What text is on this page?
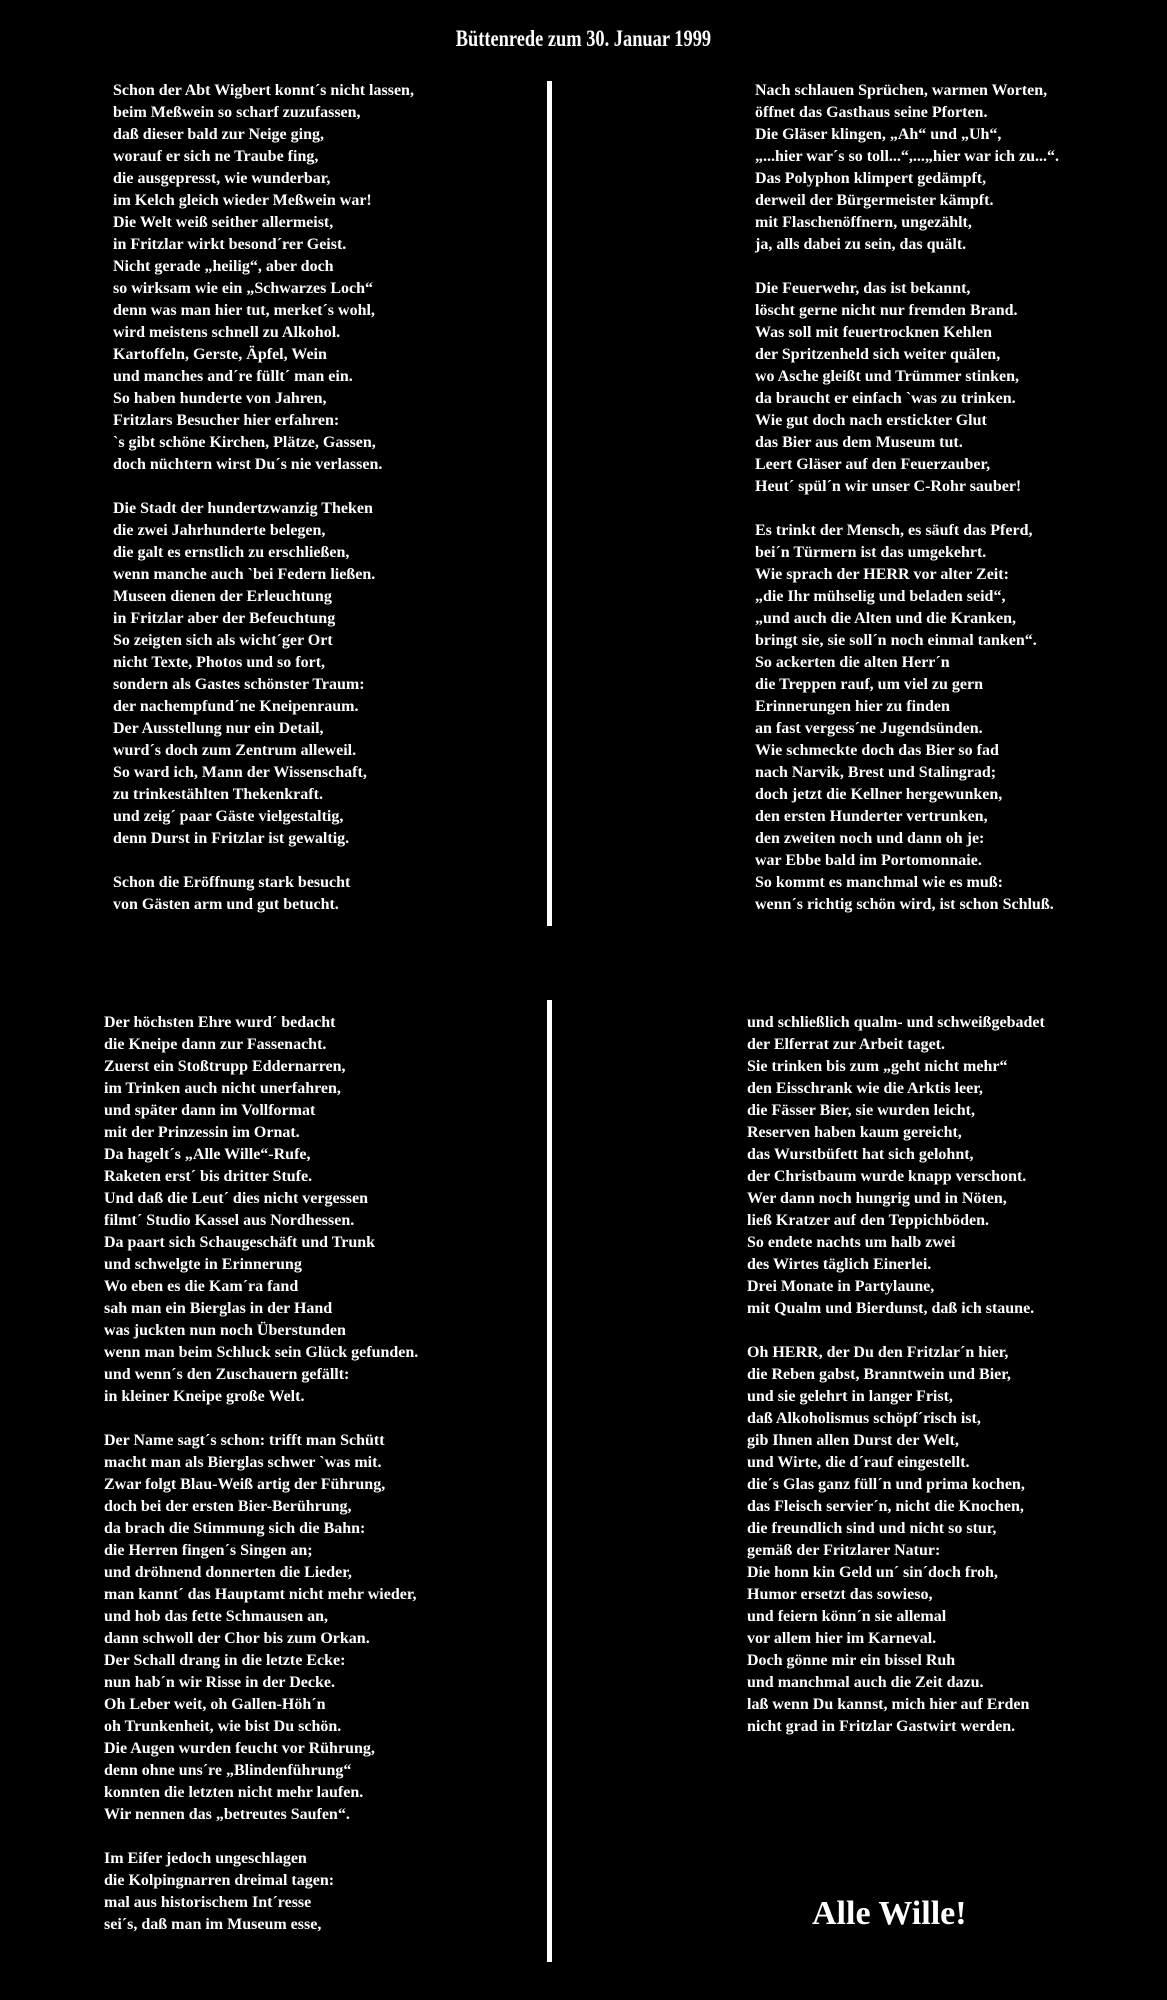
Büttenrede zum 30. Januar 1999
Schon der Abt Wigbert konnt´s nicht lassen,
beim Meßwein so scharf zuzufassen,
daß dieser bald zur Neige ging,
worauf er sich ne Traube fing,
die ausgepresst, wie wunderbar,
im Kelch gleich wieder Meßwein war!
Die Welt weiß seither allermeist,
in Fritzlar wirkt besond´rer Geist.
Nicht gerade „heilig“, aber doch
so wirksam wie ein „Schwarzes Loch“
denn was man hier tut, merket´s wohl,
wird meistens schnell zu Alkohol.
Kartoffeln, Gerste, Äpfel, Wein
und manches and´re füllt´ man ein.
So haben hunderte von Jahren,
Fritzlars Besucher hier erfahren:
`s gibt schöne Kirchen, Plätze, Gassen,
doch nüchtern wirst Du´s nie verlassen.
Die Stadt der hundertzwanzig Theken
die zwei Jahrhunderte belegen,
die galt es ernstlich zu erschließen,
wenn manche auch `bei Federn ließen.
Museen dienen der Erleuchtung
in Fritzlar aber der Befeuchtung
So zeigten sich als wicht´ger Ort
nicht Texte, Photos und so fort,
sondern als Gastes schönster Traum:
der nachempfund´ne Kneipenraum.
Der Ausstellung nur ein Detail,
wurd´s doch zum Zentrum alleweil.
So ward ich, Mann der Wissenschaft,
zu trinkestählten Thekenkraft.
und zeig´ paar Gäste vielgestaltig,
denn Durst in Fritzlar ist gewaltig.
Schon die Eröffnung stark besucht
von Gästen arm und gut betucht.
Nach schlauen Sprüchen, warmen Worten,
öffnet das Gasthaus seine Pforten.
Die Gläser klingen, „Ah“ und „Uh“,
„...hier war´s so toll...“,...„hier war ich zu...“.
Das Polyphon klimpert gedämpft,
derweil der Bürgermeister kämpft.
mit Flaschenöffnern, ungezählt,
ja, alls dabei zu sein, das quält.
Die Feuerwehr, das ist bekannt,
löscht gerne nicht nur fremden Brand.
Was soll mit feuertrocknen Kehlen
der Spritzenheld sich weiter quälen,
wo Asche gleißt und Trümmer stinken,
da braucht er einfach `was zu trinken.
Wie gut doch nach erstickter Glut
das Bier aus dem Museum tut.
Leert Gläser auf den Feuerzauber,
Heut´ spül´n wir unser C-Rohr sauber!
Es trinkt der Mensch, es säuft das Pferd,
bei´n Türmern ist das umgekehrt.
Wie sprach der HERR vor alter Zeit:
„die Ihr mühselig und beladen seid“,
„und auch die Alten und die Kranken,
bringt sie, sie soll´n noch einmal tanken“.
So ackerten die alten Herr´n
die Treppen rauf, um viel zu gern
Erinnerungen hier zu finden
an fast vergess´ne Jugendsünden.
Wie schmeckte doch das Bier so fad
nach Narvik, Brest und Stalingrad;
doch jetzt die Kellner hergewunken,
den ersten Hunderter vertrunken,
den zweiten noch und dann oh je:
war Ebbe bald im Portomonnaie.
So kommt es manchmal wie es muß:
wenn´s richtig schön wird, ist schon Schluß.
Der höchsten Ehre wurd´ bedacht
die Kneipe dann zur Fassenacht.
Zuerst ein Stoßtrupp Eddernarren,
im Trinken auch nicht unerfahren,
und später dann im Vollformat
mit der Prinzessin im Ornat.
Da hagelt´s „Alle Wille“-Rufe,
Raketen erst´ bis dritter Stufe.
Und daß die Leut´ dies nicht vergessen
filmt´ Studio Kassel aus Nordhessen.
Da paart sich Schaugeschäft und Trunk
und schwelgte in Erinnerung
Wo eben es die Kam´ra fand
sah man ein Bierglas in der Hand
was juckten nun noch Überstunden
wenn man beim Schluck sein Glück gefunden.
und wenn´s den Zuschauern gefällt:
in kleiner Kneipe große Welt.
Der Name sagt´s schon: trifft man Schütt
macht man als Bierglas schwer `was mit.
Zwar folgt Blau-Weiß artig der Führung,
doch bei der ersten Bier-Berührung,
da brach die Stimmung sich die Bahn:
die Herren fingen´s Singen an;
und dröhnend donnerten die Lieder,
man kannt´ das Hauptamt nicht mehr wieder,
und hob das fette Schmausen an,
dann schwoll der Chor bis zum Orkan.
Der Schall drang in die letzte Ecke:
nun hab´n wir Risse in der Decke.
Oh Leber weit, oh Gallen-Höh´n
oh Trunkenheit, wie bist Du schön.
Die Augen wurden feucht vor Rührung,
denn ohne uns´re „Blindenführung“
konnten die letzten nicht mehr laufen.
Wir nennen das „betreutes Saufen“.
Im Eifer jedoch ungeschlagen
die Kolpingnarren dreimal tagen:
mal aus historischem Int´resse
sei´s, daß man im Museum esse,
und schließlich qualm- und schweißgebadet
der Elferrat zur Arbeit taget.
Sie trinken bis zum „geht nicht mehr“
den Eisschrank wie die Arktis leer,
die Fässer Bier, sie wurden leicht,
Reserven haben kaum gereicht,
das Wurstbüfett hat sich gelohnt,
der Christbaum wurde knapp verschont.
Wer dann noch hungrig und in Nöten,
ließ Kratzer auf den Teppichböden.
So endete nachts um halb zwei
des Wirtes täglich Einerlei.
Drei Monate in Partylaune,
mit Qualm und Bierdunst, daß ich staune.
Oh HERR, der Du den Fritzlar´n hier,
die Reben gabst, Branntwein und Bier,
und sie gelehrt in langer Frist,
daß Alkoholismus schöpf´risch ist,
gib Ihnen allen Durst der Welt,
und Wirte, die d´rauf eingestellt.
die´s Glas ganz füll´n und prima kochen,
das Fleisch servier´n, nicht die Knochen,
die freundlich sind und nicht so stur,
gemäß der Fritzlarer Natur:
Die honn kin Geld un´ sin´doch froh,
Humor ersetzt das sowieso,
und feiern könn´n sie allemal
vor allem hier im Karneval.
Doch gönne mir ein bissel Ruh
und manchmal auch die Zeit dazu.
laß wenn Du kannst, mich hier auf Erden
nicht grad in Fritzlar Gastwirt werden.
Alle Wille!
